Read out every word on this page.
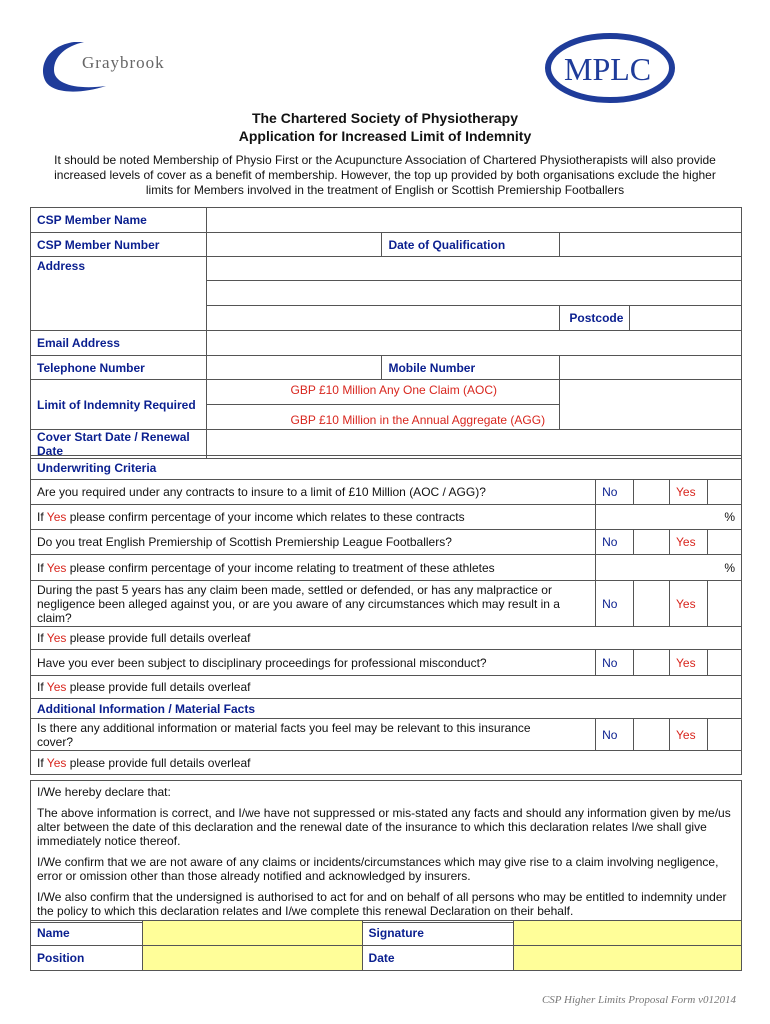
Graybrook	MPLC
The Chartered Society of Physiotherapy
Application for Increased Limit of Indemnity
It should be noted Membership of Physio First or the Acupuncture Association of Chartered Physiotherapists will also provide increased levels of cover as a benefit of membership. However, the top up provided by both organisations exclude the higher limits for Members involved in the treatment of English or Scottish Premiership Footballers
CSP Member Name				
CSP Member Number		Date of Qualification		
Address				

			Postcode	
Email Address				
Telephone Number		Mobile Number		
Limit of Indemnity Required	GBP £10 Million Any One Claim (AOC)
GBP £10 Million in the Annual Aggregate (AGG)			

Cover Start Date / Renewal Date				
Underwriting Criteria				
Are you required under any contracts to insure to a limit of £10 Million (AOC / AGG)?	No		Yes	
If Yes please confirm percentage of your income which relates to these contracts	%			
Do you treat English Premiership of Scottish Premiership League Footballers?	No		Yes	
If Yes please confirm percentage of your income relating to treatment of these athletes	%			
During the past 5 years has any claim been made, settled or defended, or has any malpractice or negligence been alleged against you, or are you aware of any circumstances which may result in a claim?	No		Yes	
If Yes please provide full details overleaf				
Have you ever been subject to disciplinary proceedings for professional misconduct?	No		Yes	
If Yes please provide full details overleaf				
Additional Information / Material Facts				
Is there any additional information or material facts you feel may be relevant to this insurance cover?	No		Yes	
If Yes please provide full details overleaf				

I/We hereby declare that:

The above information is correct, and I/we have not suppressed or mis-stated any facts and should any information given by me/us alter between the date of this declaration and the renewal date of the insurance to which this declaration relates I/we shall give immediately notice thereof.

I/We confirm that we are not aware of any claims or incidents/circumstances which may give rise to a claim involving negligence, error or omission other than those already notified and acknowledged by insurers.

I/We also confirm that the undersigned is authorised to act for and on behalf of all persons who may be entitled to indemnity under the policy to which this declaration relates and I/we complete this renewal Declaration on their behalf.

Name		Signature	
Position		Date	
CSP Higher Limits Proposal Form v012014
